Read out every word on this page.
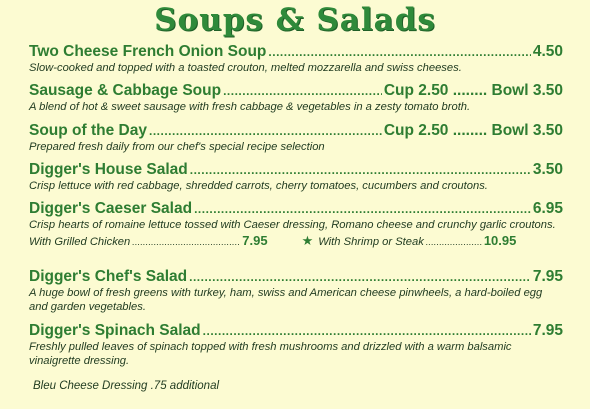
Soups & Salads
Two Cheese French Onion Soup .....	4.50
Slow-cooked and topped with a toasted crouton, melted mozzarella and swiss cheeses.
Sausage & Cabbage Soup .....	Cup 2.50 ........ Bowl 3.50
A blend of hot & sweet sausage with fresh cabbage & vegetables in a zesty tomato broth.
Soup of the Day .....	Cup 2.50 ........ Bowl 3.50
Prepared fresh daily from our chef's special recipe selection
Digger's House Salad .....	3.50
Crisp lettuce with red cabbage, shredded carrots, cherry tomatoes, cucumbers and croutons.
Digger's Caeser Salad .....	6.95
Crisp hearts of romaine lettuce tossed with Caeser dressing, Romano cheese and crunchy garlic croutons.
With Grilled Chicken .....	7.95	★ With Shrimp or Steak .....	10.95
Digger's Chef's Salad .....	7.95
A huge bowl of fresh greens with turkey, ham, swiss and American cheese pinwheels, a hard-boiled egg and garden vegetables.
Digger's Spinach Salad .....	7.95
Freshly pulled leaves of spinach topped with fresh mushrooms and drizzled with a warm balsamic vinaigrette dressing.
Bleu Cheese Dressing .75 additional
